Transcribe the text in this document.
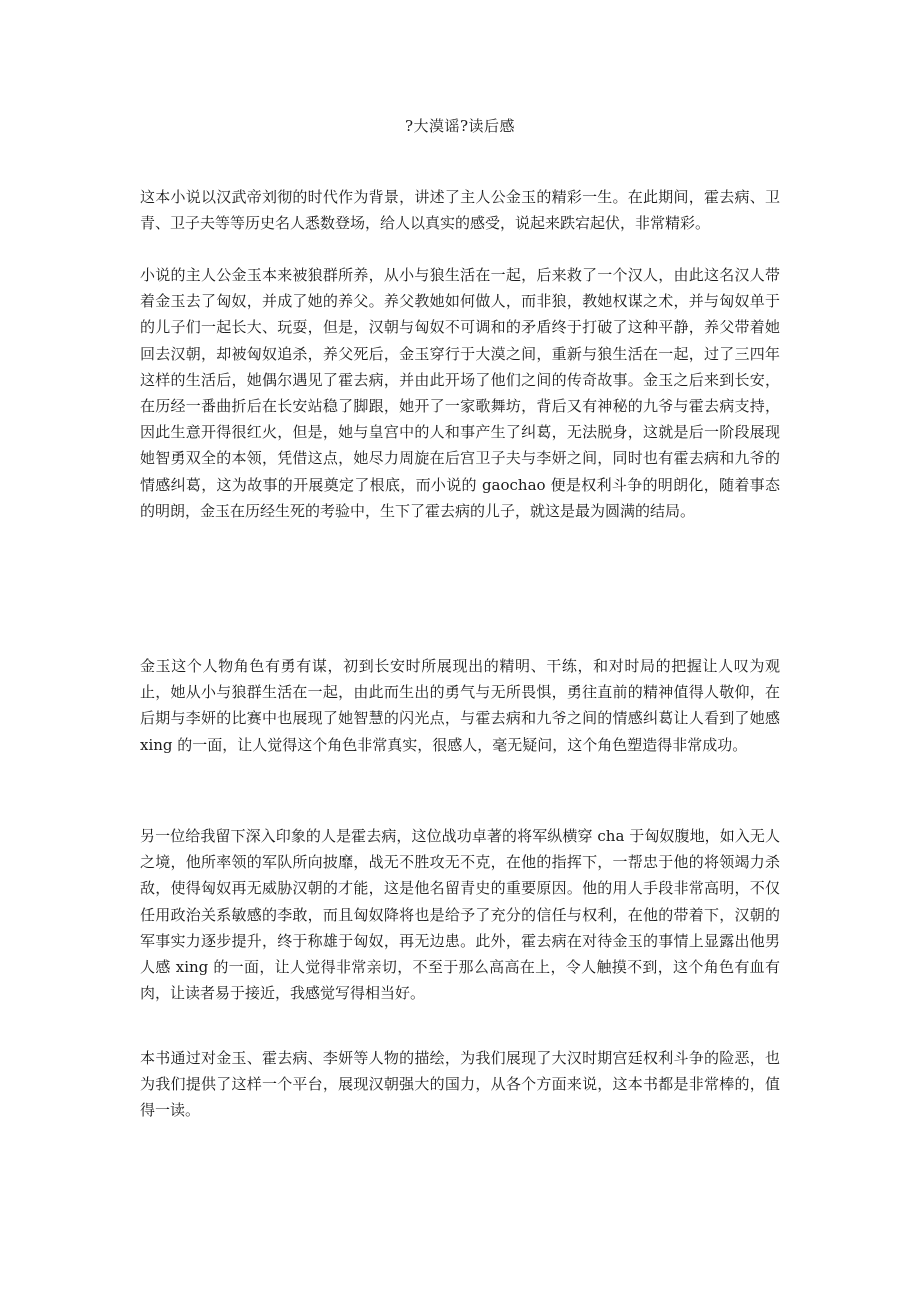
?大漠谣?读后感

这本小说以汉武帝刘彻的时代作为背景，讲述了主人公金玉的精彩一生。在此期间，霍去病、卫青、卫子夫等等历史名人悉数登场，给人以真实的感受，说起来跌宕起伏，非常精彩。

小说的主人公金玉本来被狼群所养，从小与狼生活在一起，后来救了一个汉人，由此这名汉人带着金玉去了匈奴，并成了她的养父。养父教她如何做人，而非狼，教她权谋之术，并与匈奴单于的儿子们一起长大、玩耍，但是，汉朝与匈奴不可调和的矛盾终于打破了这种平静，养父带着她回去汉朝，却被匈奴追杀，养父死后，金玉穿行于大漠之间，重新与狼生活在一起，过了三四年这样的生活后，她偶尔遇见了霍去病，并由此开场了他们之间的传奇故事。金玉之后来到长安，在历经一番曲折后在长安站稳了脚跟，她开了一家歌舞坊，背后又有神秘的九爷与霍去病支持，因此生意开得很红火，但是，她与皇宫中的人和事产生了纠葛，无法脱身，这就是后一阶段展现她智勇双全的本领，凭借这点，她尽力周旋在后宫卫子夫与李妍之间，同时也有霍去病和九爷的情感纠葛，这为故事的开展奠定了根底，而小说的 gaochao 便是权利斗争的明朗化，随着事态的明朗，金玉在历经生死的考验中，生下了霍去病的儿子，就这是最为圆满的结局。

金玉这个人物角色有勇有谋，初到长安时所展现出的精明、干练，和对时局的把握让人叹为观止，她从小与狼群生活在一起，由此而生出的勇气与无所畏惧，勇往直前的精神值得人敬仰，在后期与李妍的比赛中也展现了她智慧的闪光点，与霍去病和九爷之间的情感纠葛让人看到了她感 xing 的一面，让人觉得这个角色非常真实，很感人，毫无疑问，这个角色塑造得非常成功。

另一位给我留下深入印象的人是霍去病，这位战功卓著的将军纵横穿 cha 于匈奴腹地，如入无人之境，他所率领的军队所向披靡，战无不胜攻无不克，在他的指挥下，一帮忠于他的将领竭力杀敌，使得匈奴再无威胁汉朝的才能，这是他名留青史的重要原因。他的用人手段非常高明，不仅任用政治关系敏感的李敢，而且匈奴降将也是给予了充分的信任与权利，在他的带着下，汉朝的军事实力逐步提升，终于称雄于匈奴，再无边患。此外，霍去病在对待金玉的事情上显露出他男人感 xing 的一面，让人觉得非常亲切，不至于那么高高在上，令人触摸不到，这个角色有血有肉，让读者易于接近，我感觉写得相当好。

本书通过对金玉、霍去病、李妍等人物的描绘，为我们展现了大汉时期宫廷权利斗争的险恶，也为我们提供了这样一个平台，展现汉朝强大的国力，从各个方面来说，这本书都是非常棒的，值得一读。
